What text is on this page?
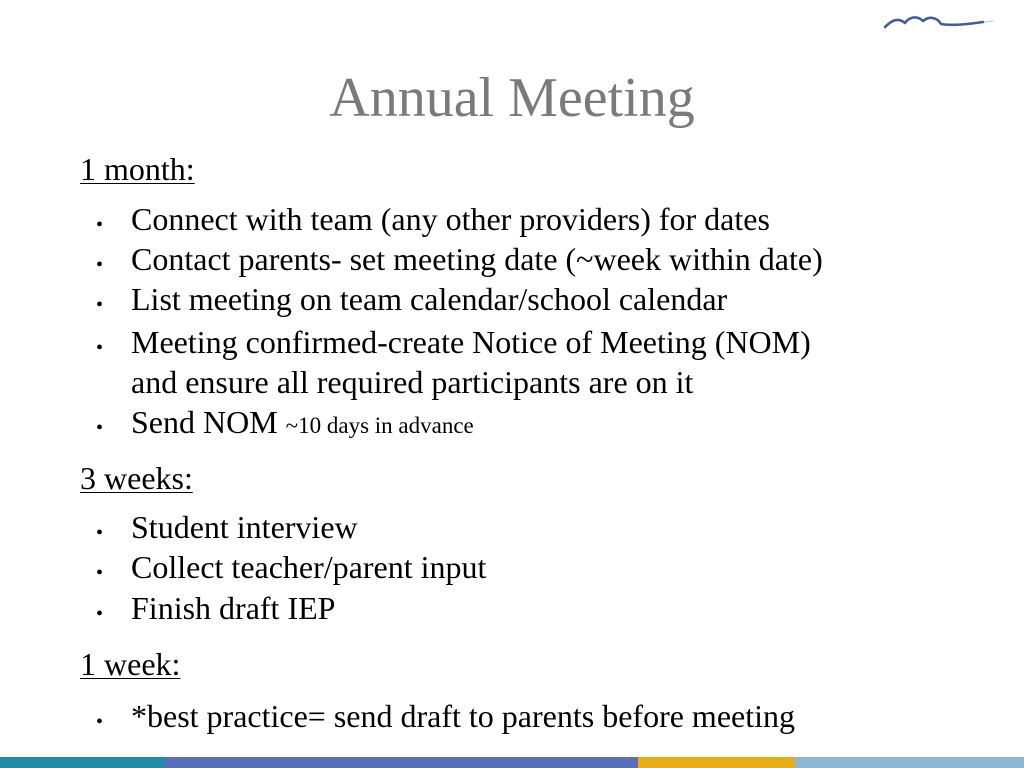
Annual Meeting
1 month:
• Connect with team (any other providers) for dates
• Contact parents- set meeting date (~week within date)
• List meeting on team calendar/school calendar
• Meeting confirmed-create Notice of Meeting (NOM)
and ensure all required participants are on it
• Send NOM ~10 days in advance
3 weeks:
• Student interview
• Collect teacher/parent input
• Finish draft IEP
1 week:
• *best practice= send draft to parents before meeting
